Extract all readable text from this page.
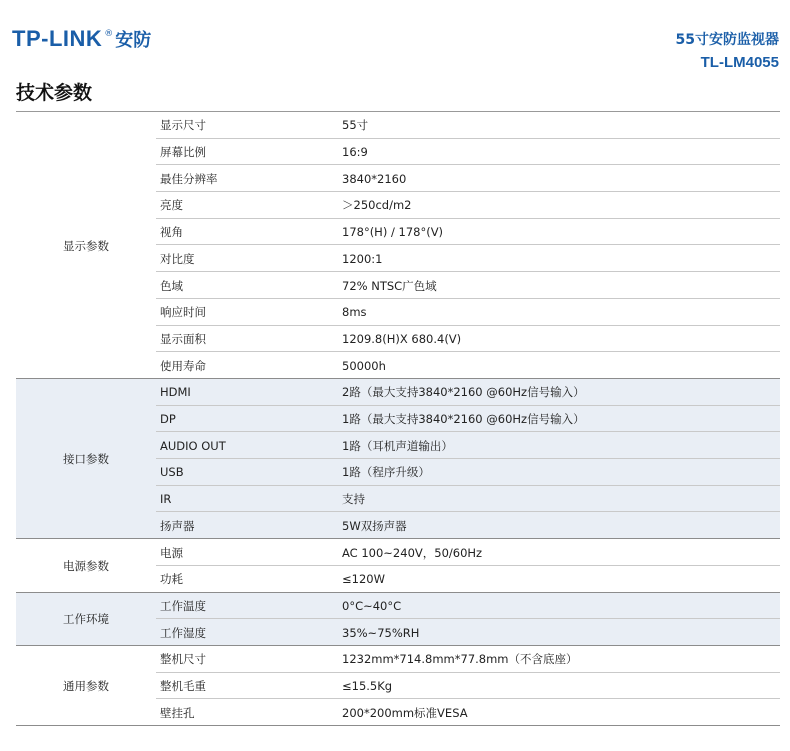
TP-LINK ® 安防	55寸安防监视器
TL-LM4055
技术参数
显示参数
显示尺寸	55寸
屏幕比例	16:9
最佳分辨率	3840*2160
亮度	＞250cd/m2
视角	178°(H) / 178°(V)
对比度	1200:1
色域	72% NTSC广色域
响应时间	8ms
显示面积	1209.8(H)X 680.4(V)
使用寿命	50000h
接口参数
HDMI	2路（最大支持3840*2160 @60Hz信号输入）
DP	1路（最大支持3840*2160 @60Hz信号输入）
AUDIO OUT	1路（耳机声道输出）
USB	1路（程序升级）
IR	支持
扬声器	5W双扬声器
电源参数
电源	AC 100~240V，50/60Hz
功耗	≤120W
工作环境
工作温度	0°C~40°C
工作湿度	35%~75%RH
通用参数
整机尺寸	1232mm*714.8mm*77.8mm（不含底座）
整机毛重	≤15.5Kg
壁挂孔	200*200mm标准VESA
